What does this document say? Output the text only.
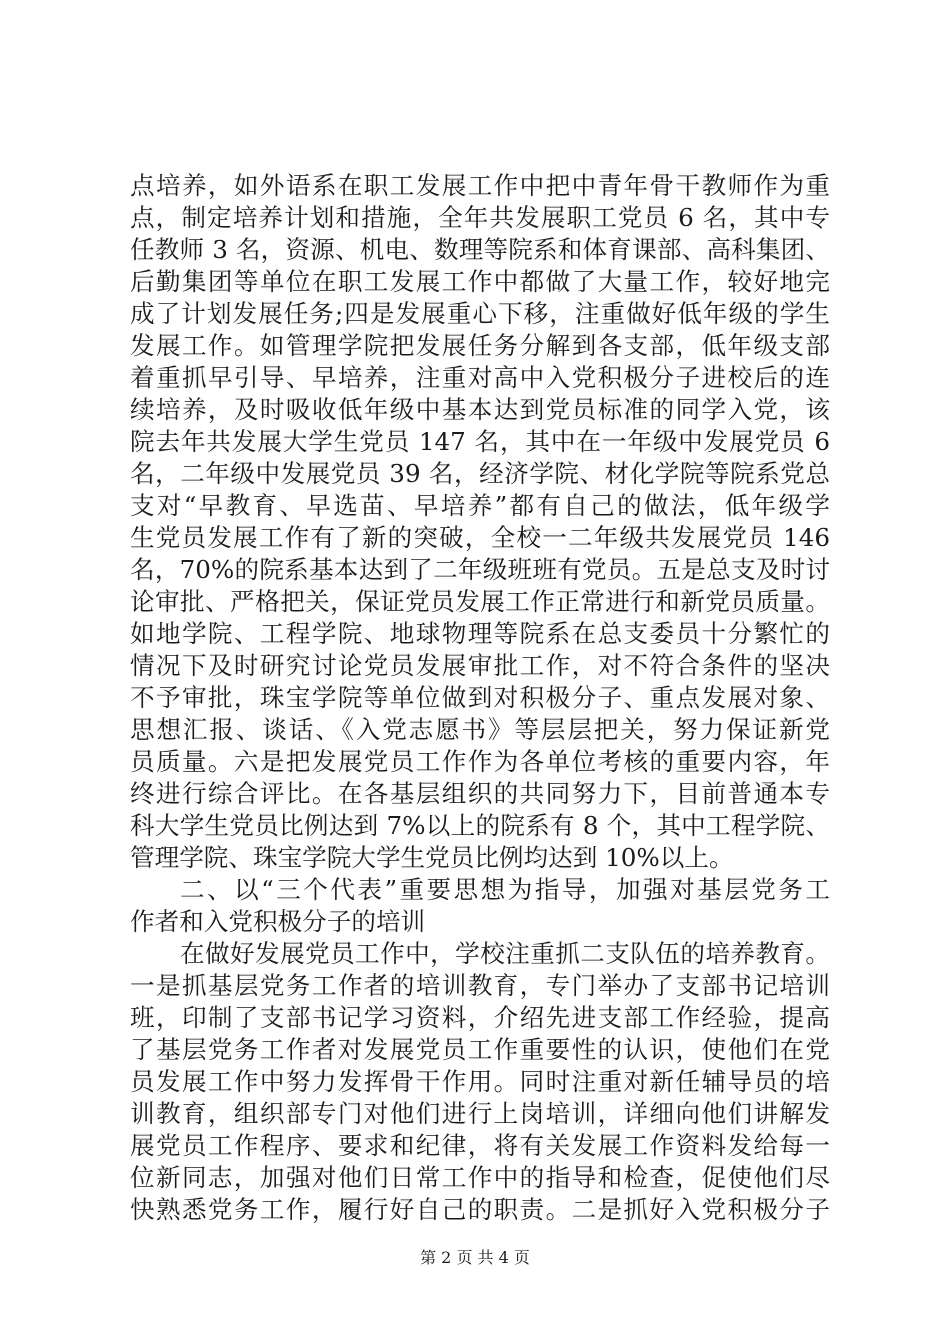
点培养，如外语系在职工发展工作中把中青年骨干教师作为重
点，制定培养计划和措施，全年共发展职工党员 6 名，其中专
任教师 3 名，资源、机电、数理等院系和体育课部、高科集团、
后勤集团等单位在职工发展工作中都做了大量工作，较好地完
成了计划发展任务;四是发展重心下移，注重做好低年级的学生
发展工作。如管理学院把发展任务分解到各支部，低年级支部
着重抓早引导、早培养，注重对高中入党积极分子进校后的连
续培养，及时吸收低年级中基本达到党员标准的同学入党，该
院去年共发展大学生党员 147 名，其中在一年级中发展党员 6
名，二年级中发展党员 39 名，经济学院、材化学院等院系党总
支对“早教育、早选苗、早培养”都有自己的做法，低年级学
生党员发展工作有了新的突破，全校一二年级共发展党员 146
名，70%的院系基本达到了二年级班班有党员。五是总支及时讨
论审批、严格把关，保证党员发展工作正常进行和新党员质量。
如地学院、工程学院、地球物理等院系在总支委员十分繁忙的
情况下及时研究讨论党员发展审批工作，对不符合条件的坚决
不予审批，珠宝学院等单位做到对积极分子、重点发展对象、
思想汇报、谈话、《入党志愿书》等层层把关，努力保证新党
员质量。六是把发展党员工作作为各单位考核的重要内容，年
终进行综合评比。在各基层组织的共同努力下，目前普通本专
科大学生党员比例达到 7%以上的院系有 8 个，其中工程学院、
管理学院、珠宝学院大学生党员比例均达到 10%以上。
二、以“三个代表”重要思想为指导，加强对基层党务工
作者和入党积极分子的培训
在做好发展党员工作中，学校注重抓二支队伍的培养教育。
一是抓基层党务工作者的培训教育，专门举办了支部书记培训
班，印制了支部书记学习资料，介绍先进支部工作经验，提高
了基层党务工作者对发展党员工作重要性的认识，使他们在党
员发展工作中努力发挥骨干作用。同时注重对新任辅导员的培
训教育，组织部专门对他们进行上岗培训，详细向他们讲解发
展党员工作程序、要求和纪律，将有关发展工作资料发给每一
位新同志，加强对他们日常工作中的指导和检查，促使他们尽
快熟悉党务工作，履行好自己的职责。二是抓好入党积极分子
第 2 页 共 4 页
